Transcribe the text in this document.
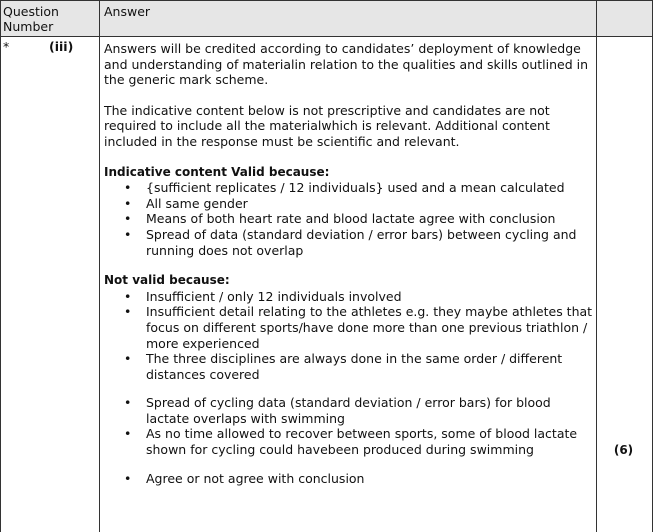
Question Number
Answer
*	(iii) Answers will be credited according to candidates’ deployment of knowledge and understanding of materialin relation to the qualities and skills outlined in the generic mark scheme.

The indicative content below is not prescriptive and candidates are not required to include all the materialwhich is relevant. Additional content included in the response must be scientific and relevant.

Indicative content Valid because:
• {sufficient replicates / 12 individuals} used and a mean calculated
• All same gender
• Means of both heart rate and blood lactate agree with conclusion
• Spread of data (standard deviation / error bars) between cycling and running does not overlap
Not valid because:
• Insufficient / only 12 individuals involved
• Insufficient detail relating to the athletes e.g. they maybe athletes that focus on different sports/have done more than one previous triathlon / more experienced
• The three disciplines are always done in the same order / different distances covered
• Spread of cycling data (standard deviation / error bars) for blood lactate overlaps with swimming
• As no time allowed to recover between sports, some of blood lactate shown for cycling could havebeen produced during swimming
• Agree or not agree with conclusion
(6)
